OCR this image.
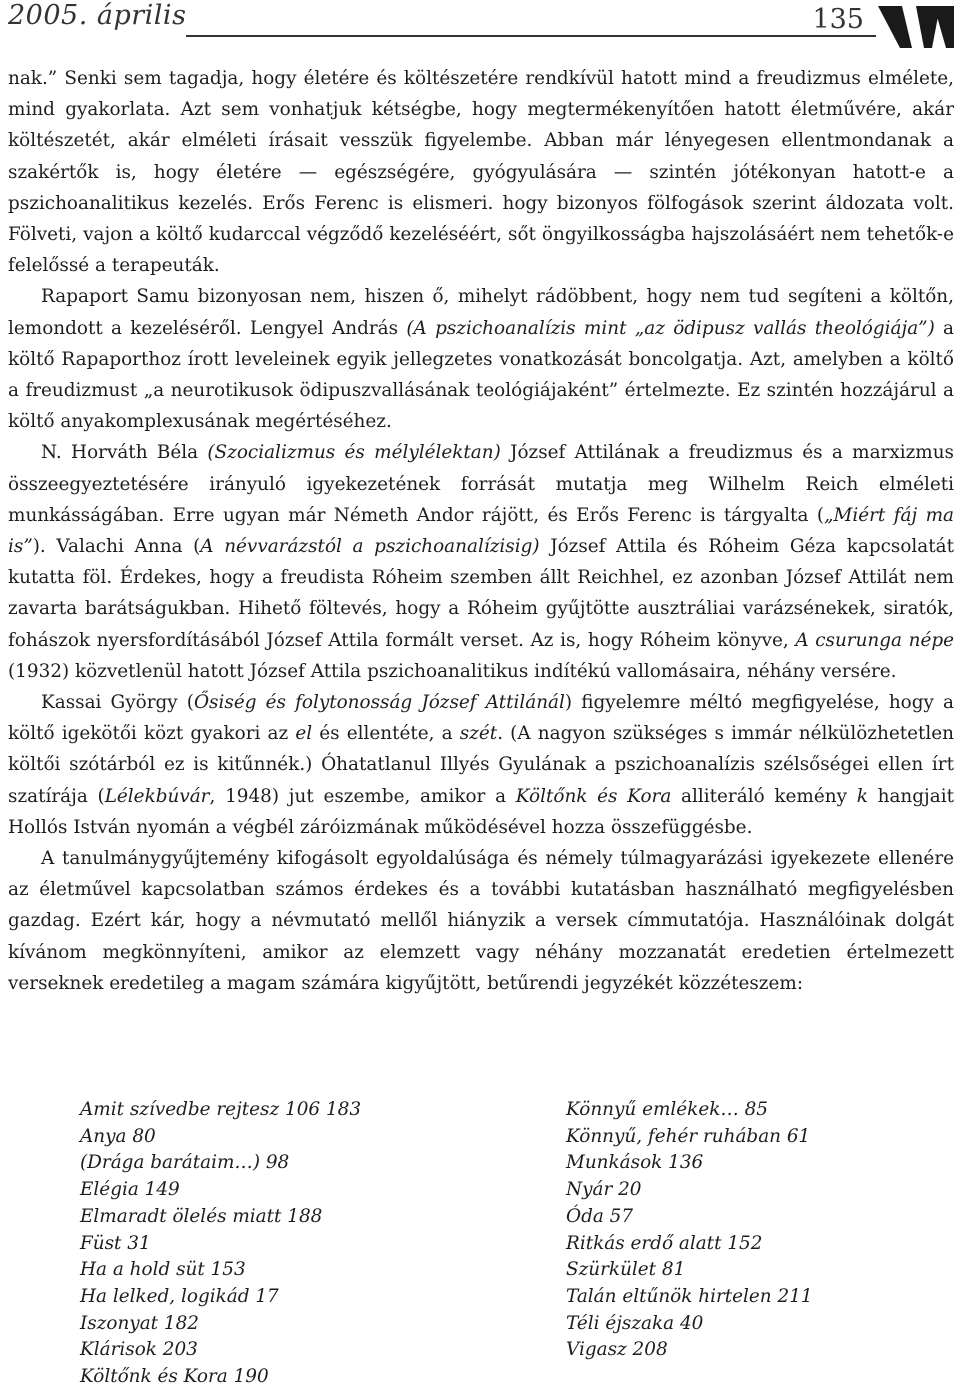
2005. április	135

nak.” Senki sem tagadja, hogy életére és költészetére rendkívül hatott mind a freudizmus elmélete, mind gyakorlata. Azt sem vonhatjuk kétségbe, hogy megtermékenyítően hatott életművére, akár költészetét, akár elméleti írásait vesszük figyelembe. Abban már lényegesen ellentmondanak a szakértők is, hogy életére — egészségére, gyógyulására — szintén jótékonyan hatott-e a pszichoanalitikus kezelés. Erős Ferenc is elismeri. hogy bizonyos fölfogások szerint áldozata volt. Fölveti, vajon a költő kudarccal végződő kezeléséért, sőt öngyilkosságba hajszolásáért nem tehetők-e felelőssé a terapeuták.

Rapaport Samu bizonyosan nem, hiszen ő, mihelyt rádöbbent, hogy nem tud segíteni a költőn, lemondott a kezeléséről. Lengyel András (A pszichoanalízis mint „az ödipusz vallás theológiája”) a költő Rapaporthoz írott leveleinek egyik jellegzetes vonatkozását boncolgatja. Azt, amelyben a költő a freudizmust „a neurotikusok ödipuszvallásának teológiájaként” értelmezte. Ez szintén hozzájárul a költő anyakomplexusának megértéséhez.

N. Horváth Béla (Szocializmus és mélylélektan) József Attilának a freudizmus és a marxizmus összeegyeztetésére irányuló igyekezetének forrását mutatja meg Wilhelm Reich elméleti munkásságában. Erre ugyan már Németh Andor rájött, és Erős Ferenc is tárgyalta („Miért fáj ma is”). Valachi Anna (A névvarázstól a pszichoanalízisig) József Attila és Róheim Géza kapcsolatát kutatta föl. Érdekes, hogy a freudista Róheim szemben állt Reichhel, ez azonban József Attilát nem zavarta barátságukban. Hihető föltevés, hogy a Róheim gyűjtötte ausztráliai varázsénekek, siratók, fohászok nyersfordításából József Attila formált verset. Az is, hogy Róheim könyve, A csurunga népe (1932) közvetlenül hatott József Attila pszichoanalitikus indítékú vallomásaira, néhány versére.

Kassai György (Ősiség és folytonosság József Attilánál) figyelemre méltó megfigyelése, hogy a költő igekötői közt gyakori az el és ellentéte, a szét. (A nagyon szükséges s immár nélkülözhetetlen költői szótárból ez is kitűnnék.) Óhatatlanul Illyés Gyulának a pszichoanalízis szélsőségei ellen írt szatírája (Lélekbúvár, 1948) jut eszembe, amikor a Költőnk és Kora alliteráló kemény k hangjait Hollós István nyomán a végbél záróizmának működésével hozza összefüggésbe.

A tanulmánygyűjtemény kifogásolt egyoldalúsága és némely túlmagyarázási igyekezete ellenére az életművel kapcsolatban számos érdekes és a további kutatásban használható megfigyelésben gazdag. Ezért kár, hogy a névmutató mellől hiányzik a versek címmutatója. Használóinak dolgát kívánom megkönnyíteni, amikor az elemzett vagy néhány mozzanatát eredetien értelmezett verseknek eredetileg a magam számára kigyűjtött, betűrendi jegyzékét közzéteszem:

Amit szívedbe rejtesz 106 183
Anya 80
(Drága barátaim…) 98
Elégia 149
Elmaradt ölelés miatt 188
Füst 31
Ha a hold süt 153
Ha lelked, logikád 17
Iszonyat 182
Klárisok 203
Költőnk és Kora 190
Könnyű emlékek… 85
Könnyű, fehér ruhában 61
Munkások 136
Nyár 20
Óda 57
Ritkás erdő alatt 152
Szürkület 81
Talán eltűnök hirtelen 211
Téli éjszaka 40
Vigasz 208
